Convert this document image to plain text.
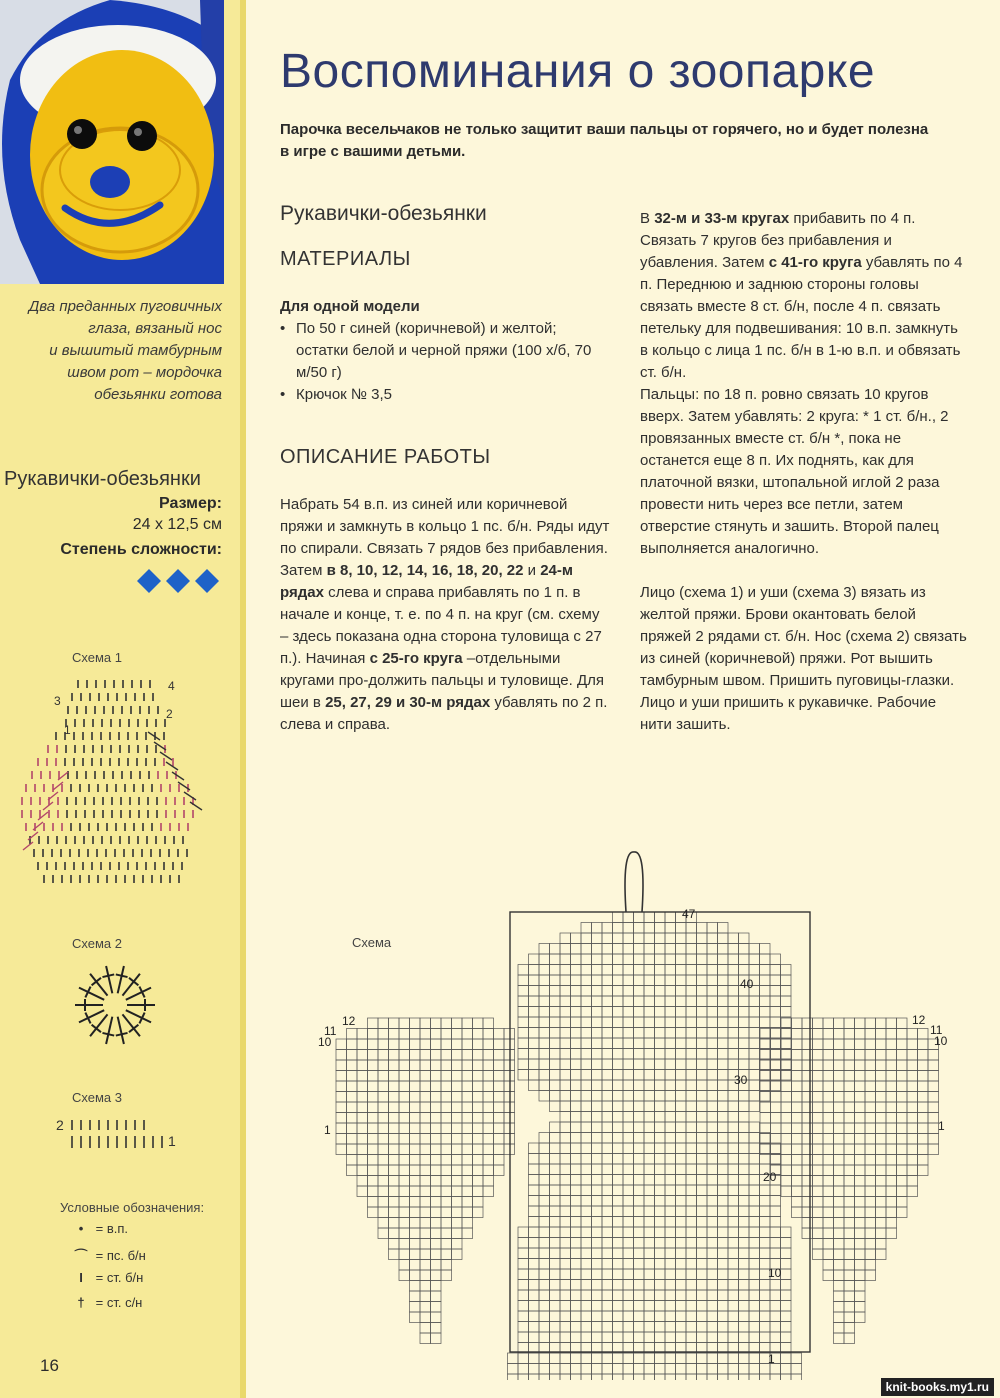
Два преданных пуговичных
глаза, вязаный нос
и вышитый тамбурным
швом рот – мордочка
обезьянки готова
Рукавички-обезьянки
Размер:
24 х 12,5 см
Степень сложности:
Схема 1
4
3
2
1
Схема 2
Схема 3
2
1
Условные обозначения:
• = в.п.
⌒ = пс. б/н
I = ст. б/н
† = ст. с/н
16
Воспоминания о зоопарке
Парочка весельчаков не только защитит ваши пальцы от горячего, но и будет полезна в игре с вашими детьми.
Рукавички-обезьянки
МАТЕРИАЛЫ

Для одной модели

• По 50 г синей (коричневой) и желтой; остатки белой и черной пряжи (100 х/б, 70 м/50 г)
• Крючок № 3,5
ОПИСАНИЕ РАБОТЫ

Набрать 54 в.п. из синей или коричневой пряжи и замкнуть в кольцо 1 пс. б/н. Ряды идут по спирали. Связать 7 рядов без прибавления. Затем в 8, 10, 12, 14, 16, 18, 20, 22 и 24-м рядах слева и справа прибавлять по 1 п. в начале и конце, т. е. по 4 п. на круг (см. схему – здесь показана одна сторона туловища с 27 п.). Начиная с 25-го круга –отдельными кругами про-должить пальцы и туловище. Для шеи в 25, 27, 29 и 30-м рядах убавлять по 2 п. слева и справа.

В 32-м и 33-м кругах прибавить по 4 п. Связать 7 кругов без прибавления и убавления. Затем с 41-го круга убавлять по 4 п. Переднюю и заднюю стороны головы связать вместе 8 ст. б/н, после 4 п. связать петельку для подвешивания: 10 в.п. замкнуть в кольцо с лица 1 пс. б/н в 1-ю в.п. и обвязать ст. б/н.

Пальцы: по 18 п. ровно связать 10 кругов вверх. Затем убавлять: 2 круга: * 1 ст. б/н., 2 провязанных вместе ст. б/н *, пока не останется еще 8 п. Их поднять, как для платочной вязки, штопальной иглой 2 раза провести нить через все петли, затем отверстие стянуть и зашить. Второй палец выполняется аналогично.

Лицо (схема 1) и уши (схема 3) вязать из желтой пряжи. Брови окантовать белой пряжей 2 рядами ст. б/н. Нос (схема 2) связать из синей (коричневой) пряжи. Рот вышить тамбурным швом. Пришить пуговицы-глазки. Лицо и уши пришить к рукавичке. Рабочие нити зашить.

Схема
47
40
30
20
10
1
12
11
10
1
12
11
10
1
knit-books.my1.ru
